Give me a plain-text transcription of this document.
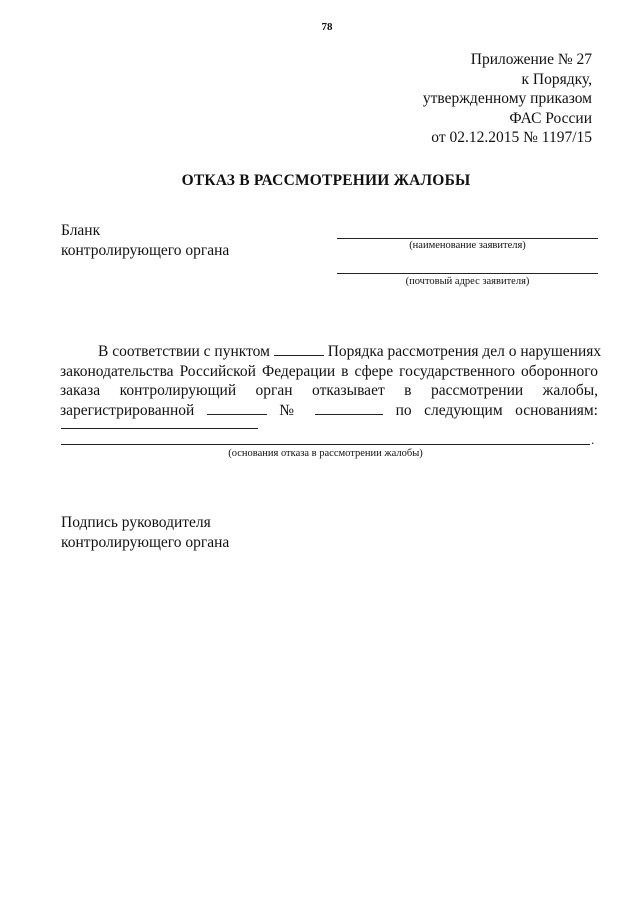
78
Приложение № 27
к Порядку,
утвержденному приказом
ФАС России
от 02.12.2015 № 1197/15
ОТКАЗ В РАССМОТРЕНИИ ЖАЛОБЫ
Бланк
контролирующего органа	(наименование заявителя)
(почтовый адрес заявителя)
В соответствии с пунктом	Порядка рассмотрения дел о нарушениях
законодательства Российской Федерации в сфере государственного оборонного
заказа контролирующий орган отказывает в рассмотрении жалобы,
зарегистрированной	№	по следующим основаниям:
.
(основания отказа в рассмотрении жалобы)
Подпись руководителя
контролирующего органа
